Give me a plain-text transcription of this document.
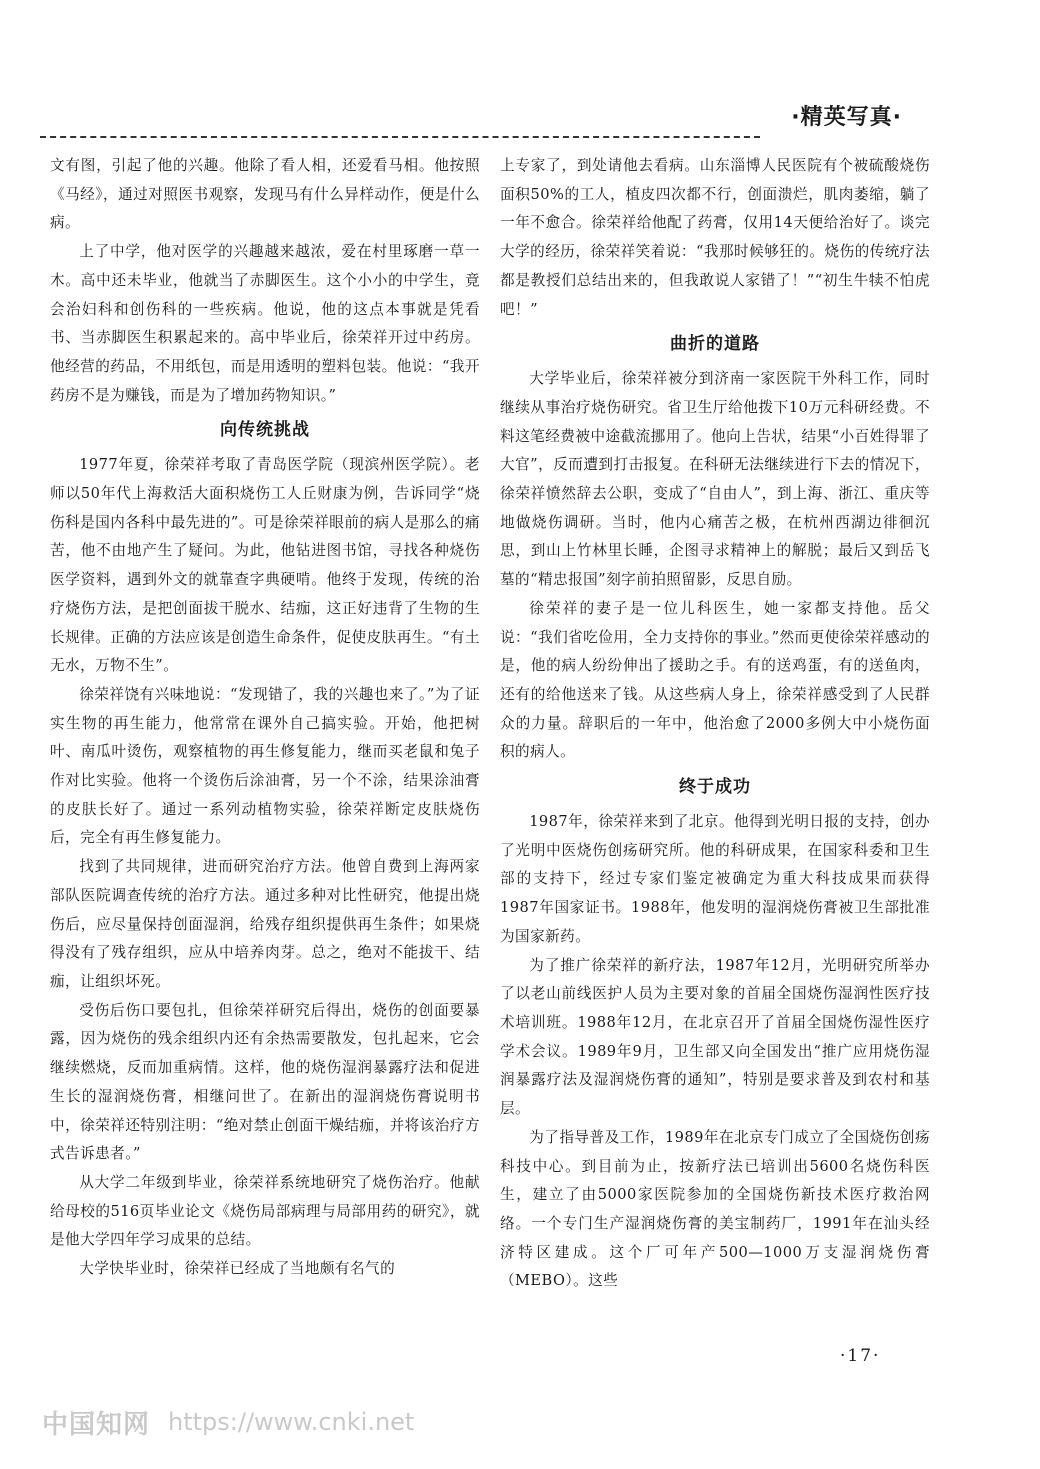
·精英写真·

文有图，引起了他的兴趣。他除了看人相，还爱看马相。他按照《马经》，通过对照医书观察，发现马有什么异样动作，便是什么病。

上了中学，他对医学的兴趣越来越浓，爱在村里琢磨一草一木。高中还未毕业，他就当了赤脚医生。这个小小的中学生，竟会治妇科和创伤科的一些疾病。他说，他的这点本事就是凭看书、当赤脚医生积累起来的。高中毕业后，徐荣祥开过中药房。他经营的药品，不用纸包，而是用透明的塑料包装。他说：“我开药房不是为赚钱，而是为了增加药物知识。”

向传统挑战

1977年夏，徐荣祥考取了青岛医学院（现滨州医学院）。老师以50年代上海救活大面积烧伤工人丘财康为例，告诉同学“烧伤科是国内各科中最先进的”。可是徐荣祥眼前的病人是那么的痛苦，他不由地产生了疑问。为此，他钻进图书馆，寻找各种烧伤医学资料，遇到外文的就靠查字典硬啃。他终于发现，传统的治疗烧伤方法，是把创面拔干脱水、结痂，这正好违背了生物的生长规律。正确的方法应该是创造生命条件，促使皮肤再生。“有土无水，万物不生”。

徐荣祥饶有兴味地说：“发现错了，我的兴趣也来了。”为了证实生物的再生能力，他常常在课外自己搞实验。开始，他把树叶、南瓜叶烫伤，观察植物的再生修复能力，继而买老鼠和兔子作对比实验。他将一个烫伤后涂油膏，另一个不涂，结果涂油膏的皮肤长好了。通过一系列动植物实验，徐荣祥断定皮肤烧伤后，完全有再生修复能力。

找到了共同规律，进而研究治疗方法。他曾自费到上海两家部队医院调查传统的治疗方法。通过多种对比性研究，他提出烧伤后，应尽量保持创面湿润，给残存组织提供再生条件；如果烧得没有了残存组织，应从中培养肉芽。总之，绝对不能拔干、结痂，让组织坏死。

受伤后伤口要包扎，但徐荣祥研究后得出，烧伤的创面要暴露，因为烧伤的残余组织内还有余热需要散发，包扎起来，它会继续燃烧，反而加重病情。这样，他的烧伤湿润暴露疗法和促进生长的湿润烧伤膏，相继问世了。在新出的湿润烧伤膏说明书中，徐荣祥还特别注明：“绝对禁止创面干燥结痂，并将该治疗方式告诉患者。”

从大学二年级到毕业，徐荣祥系统地研究了烧伤治疗。他献给母校的516页毕业论文《烧伤局部病理与局部用药的研究》，就是他大学四年学习成果的总结。

大学快毕业时，徐荣祥已经成了当地颇有名气的

上专家了，到处请他去看病。山东淄博人民医院有个被硫酸烧伤面积50%的工人，植皮四次都不行，创面溃烂，肌肉萎缩，躺了一年不愈合。徐荣祥给他配了药膏，仅用14天便给治好了。谈完大学的经历，徐荣祥笑着说：“我那时候够狂的。烧伤的传统疗法都是教授们总结出来的，但我敢说人家错了！”“初生牛犊不怕虎吧！”

曲折的道路

大学毕业后，徐荣祥被分到济南一家医院干外科工作，同时继续从事治疗烧伤研究。省卫生厅给他拨下10万元科研经费。不料这笔经费被中途截流挪用了。他向上告状，结果“小百姓得罪了大官”，反而遭到打击报复。在科研无法继续进行下去的情况下，徐荣祥愤然辞去公职，变成了“自由人”，到上海、浙江、重庆等地做烧伤调研。当时，他内心痛苦之极，在杭州西湖边徘徊沉思，到山上竹林里长睡，企图寻求精神上的解脱；最后又到岳飞墓的“精忠报国”刻字前拍照留影，反思自励。

徐荣祥的妻子是一位儿科医生，她一家都支持他。岳父说：“我们省吃俭用，全力支持你的事业。”然而更使徐荣祥感动的是，他的病人纷纷伸出了援助之手。有的送鸡蛋，有的送鱼肉，还有的给他送来了钱。从这些病人身上，徐荣祥感受到了人民群众的力量。辞职后的一年中，他治愈了2000多例大中小烧伤面积的病人。

终于成功

1987年，徐荣祥来到了北京。他得到光明日报的支持，创办了光明中医烧伤创疡研究所。他的科研成果，在国家科委和卫生部的支持下，经过专家们鉴定被确定为重大科技成果而获得1987年国家证书。1988年，他发明的湿润烧伤膏被卫生部批准为国家新药。

为了推广徐荣祥的新疗法，1987年12月，光明研究所举办了以老山前线医护人员为主要对象的首届全国烧伤湿润性医疗技术培训班。1988年12月，在北京召开了首届全国烧伤湿性医疗学术会议。1989年9月，卫生部又向全国发出“推广应用烧伤湿润暴露疗法及湿润烧伤膏的通知”，特别是要求普及到农村和基层。

为了指导普及工作，1989年在北京专门成立了全国烧伤创疡科技中心。到目前为止，按新疗法已培训出5600名烧伤科医生，建立了由5000家医院参加的全国烧伤新技术医疗救治网络。一个专门生产湿润烧伤膏的美宝制药厂，1991年在汕头经济特区建成。这个厂可年产500—1000万支湿润烧伤膏（MEBO）。这些

·17·
中国知网 https://www.cnki.net
